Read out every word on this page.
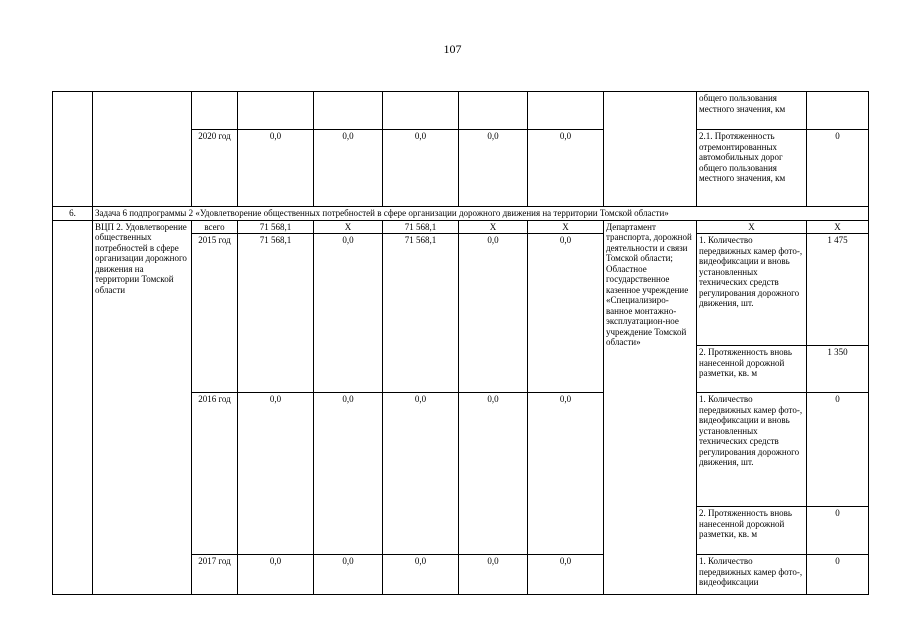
107
									общего пользования местного значения, км	
		2020 год	0,0	0,0	0,0	0,0	0,0		2.1. Протяженность отремонтированных автомобильных дорог общего пользования местного значения, км	0
6.	Задача 6 подпрограммы 2 «Удовлетворение общественных потребностей в сфере организации дорожного движения на территории Томской области»									
	ВЦП 2. Удовлетворение общественных потребностей в сфере организации дорожного движения на территории Томской области	всего	71 568,1	X	71 568,1	X	X	Департамент транспорта, дорожной деятельности и связи Томской области; Областное государственное казенное учреждение «Специализиро-ванное монтажно-эксплуатацион-ное учреждение Томской области»	X	X
		2015 год	71 568,1	0,0	71 568,1	0,0	0,0		1. Количество передвижных камер фото-, видеофиксации и вновь установленных технических средств регулирования дорожного движения, шт.	1 475
									2. Протяженность вновь нанесенной дорожной разметки, кв. м	1 350
		2016 год	0,0	0,0	0,0	0,0	0,0		1. Количество передвижных камер фото-, видеофиксации и вновь установленных технических средств регулирования дорожного движения, шт.	0
									2. Протяженность вновь нанесенной дорожной разметки, кв. м	0
		2017 год	0,0	0,0	0,0	0,0	0,0		1. Количество передвижных камер фото-, видеофиксации	0
